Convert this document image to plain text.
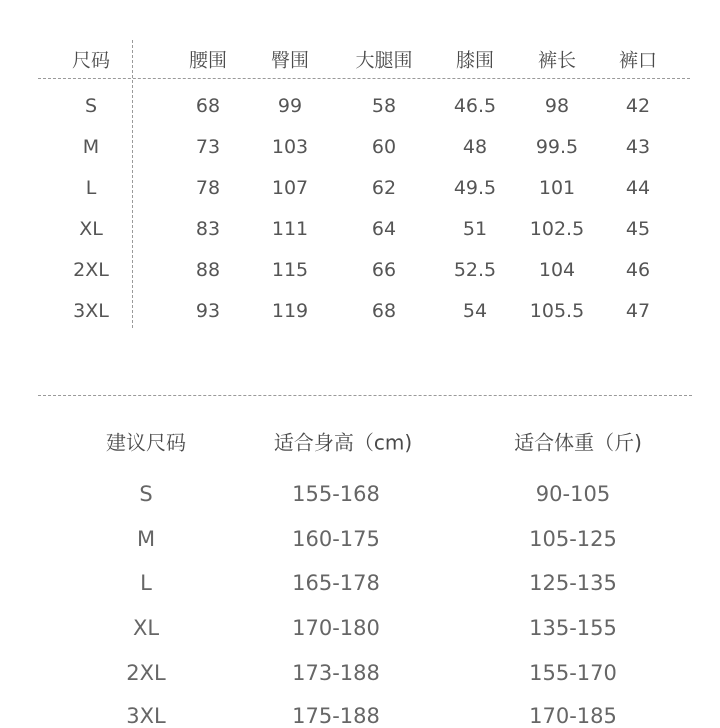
尺码	腰围 臀围 大腿围 膝围 裤长 裤口
S	68	99	58	46.5	98	42
M	73	103	60	48	99.5	43
L	78	107	62	49.5 101	44
XL	83	111	64	51 102.5 45
2XL	88	115	66	52.5 104	46
3XL	93	119	68	54 105.5 47
建议尺码	适合身高（cm)	适合体重（斤)
S	155-168	90-105
M	160-175	105-125
L	165-178	125-135
XL	170-180	135-155
2XL	173-188	155-170
3XL	175-188	170-185
